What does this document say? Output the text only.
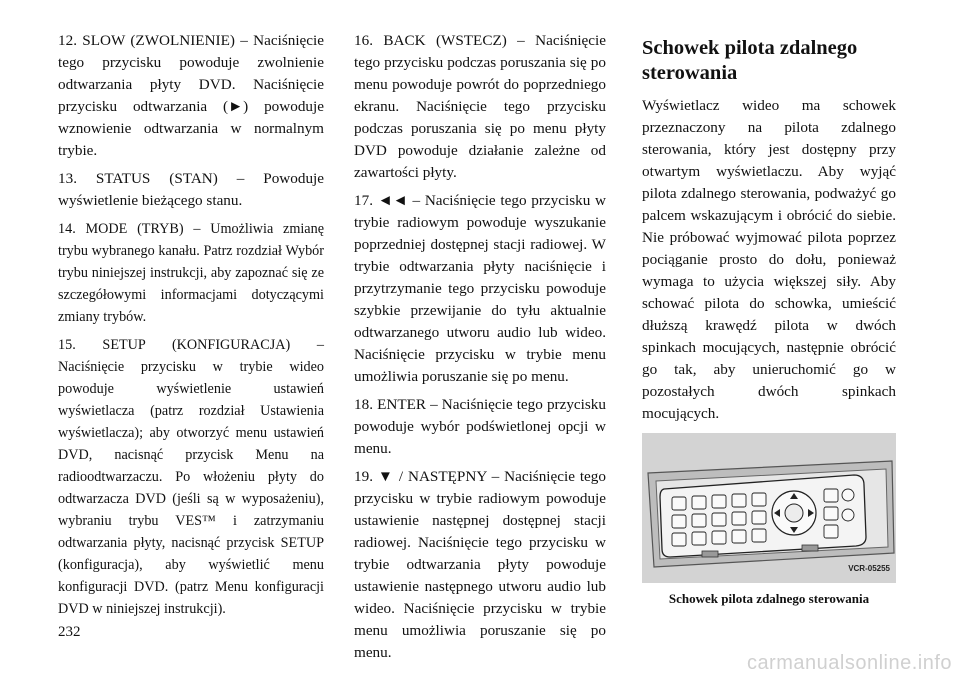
12. SLOW (ZWOLNIENIE) – Naciśnięcie tego przycisku powoduje zwolnienie odtwarzania płyty DVD. Naciśnięcie przycisku odtwarzania (►) powoduje wznowienie odtwarzania w normalnym trybie.

13. STATUS (STAN) – Powoduje wyświetlenie bieżącego stanu.

14. MODE (TRYB) – Umożliwia zmianę trybu wybranego kanału. Patrz rozdział Wybór trybu niniejszej instrukcji, aby zapoznać się ze szczegółowymi informacjami dotyczącymi zmiany trybów.

15. SETUP (KONFIGURACJA) – Naciśnięcie przycisku w trybie wideo powoduje wyświetlenie ustawień wyświetlacza (patrz rozdział Ustawienia wyświetlacza); aby otworzyć menu ustawień DVD, nacisnąć przycisk Menu na radioodtwarzaczu. Po włożeniu płyty do odtwarzacza DVD (jeśli są w wyposażeniu), wybraniu trybu VES™ i zatrzymaniu odtwarzania płyty, nacisnąć przycisk SETUP (konfiguracja), aby wyświetlić menu konfiguracji DVD. (patrz Menu konfiguracji DVD w niniejszej instrukcji).

16. BACK (WSTECZ) – Naciśnięcie tego przycisku podczas poruszania się po menu powoduje powrót do poprzedniego ekranu. Naciśnięcie tego przycisku podczas poruszania się po menu płyty DVD powoduje działanie zależne od zawartości płyty.

17. ◄◄ – Naciśnięcie tego przycisku w trybie radiowym powoduje wyszukanie poprzedniej dostępnej stacji radiowej. W trybie odtwarzania płyty naciśnięcie i przytrzymanie tego przycisku powoduje szybkie przewijanie do tyłu aktualnie odtwarzanego utworu audio lub wideo. Naciśnięcie przycisku w trybie menu umożliwia poruszanie się po menu.

18. ENTER – Naciśnięcie tego przycisku powoduje wybór podświetlonej opcji w menu.

19. ▼ / NASTĘPNY – Naciśnięcie tego przycisku w trybie radiowym powoduje ustawienie następnej dostępnej stacji radiowej. Naciśnięcie tego przycisku w trybie odtwarzania płyty powoduje ustawienie następnego utworu audio lub wideo. Naciśnięcie przycisku w trybie menu umożliwia poruszanie się po menu.

Schowek pilota zdalnego sterowania

Wyświetlacz wideo ma schowek przeznaczony na pilota zdalnego sterowania, który jest dostępny przy otwartym wyświetlaczu. Aby wyjąć pilota zdalnego sterowania, podważyć go palcem wskazującym i obrócić do siebie. Nie próbować wyjmować pilota poprzez pociąganie prosto do dołu, ponieważ wymaga to użycia większej siły. Aby schować pilota do schowka, umieścić dłuższą krawędź pilota w dwóch spinkach mocujących, następnie obrócić go tak, aby unieruchomić go w pozostałych dwóch spinkach mocujących.

VCR-05255
Schowek pilota zdalnego sterowania
232
carmanualsonline.info
